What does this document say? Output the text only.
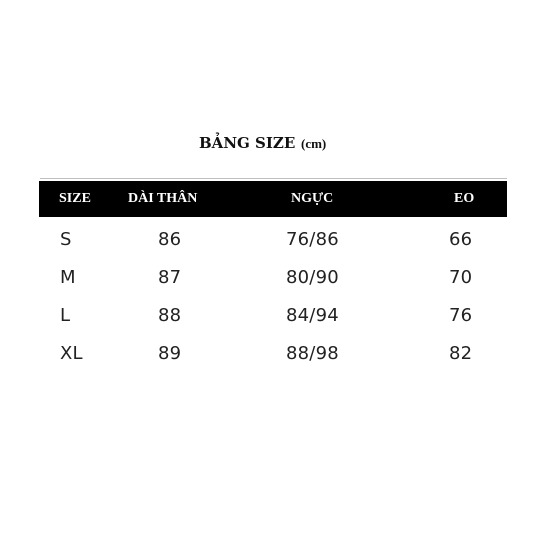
BẢNG SIZE (cm)
SIZE	DÀI THÂN	NGỰC	EO
S	86	76/86	66
M	87	80/90	70
L	88	84/94	76
XL	89	88/98	82
